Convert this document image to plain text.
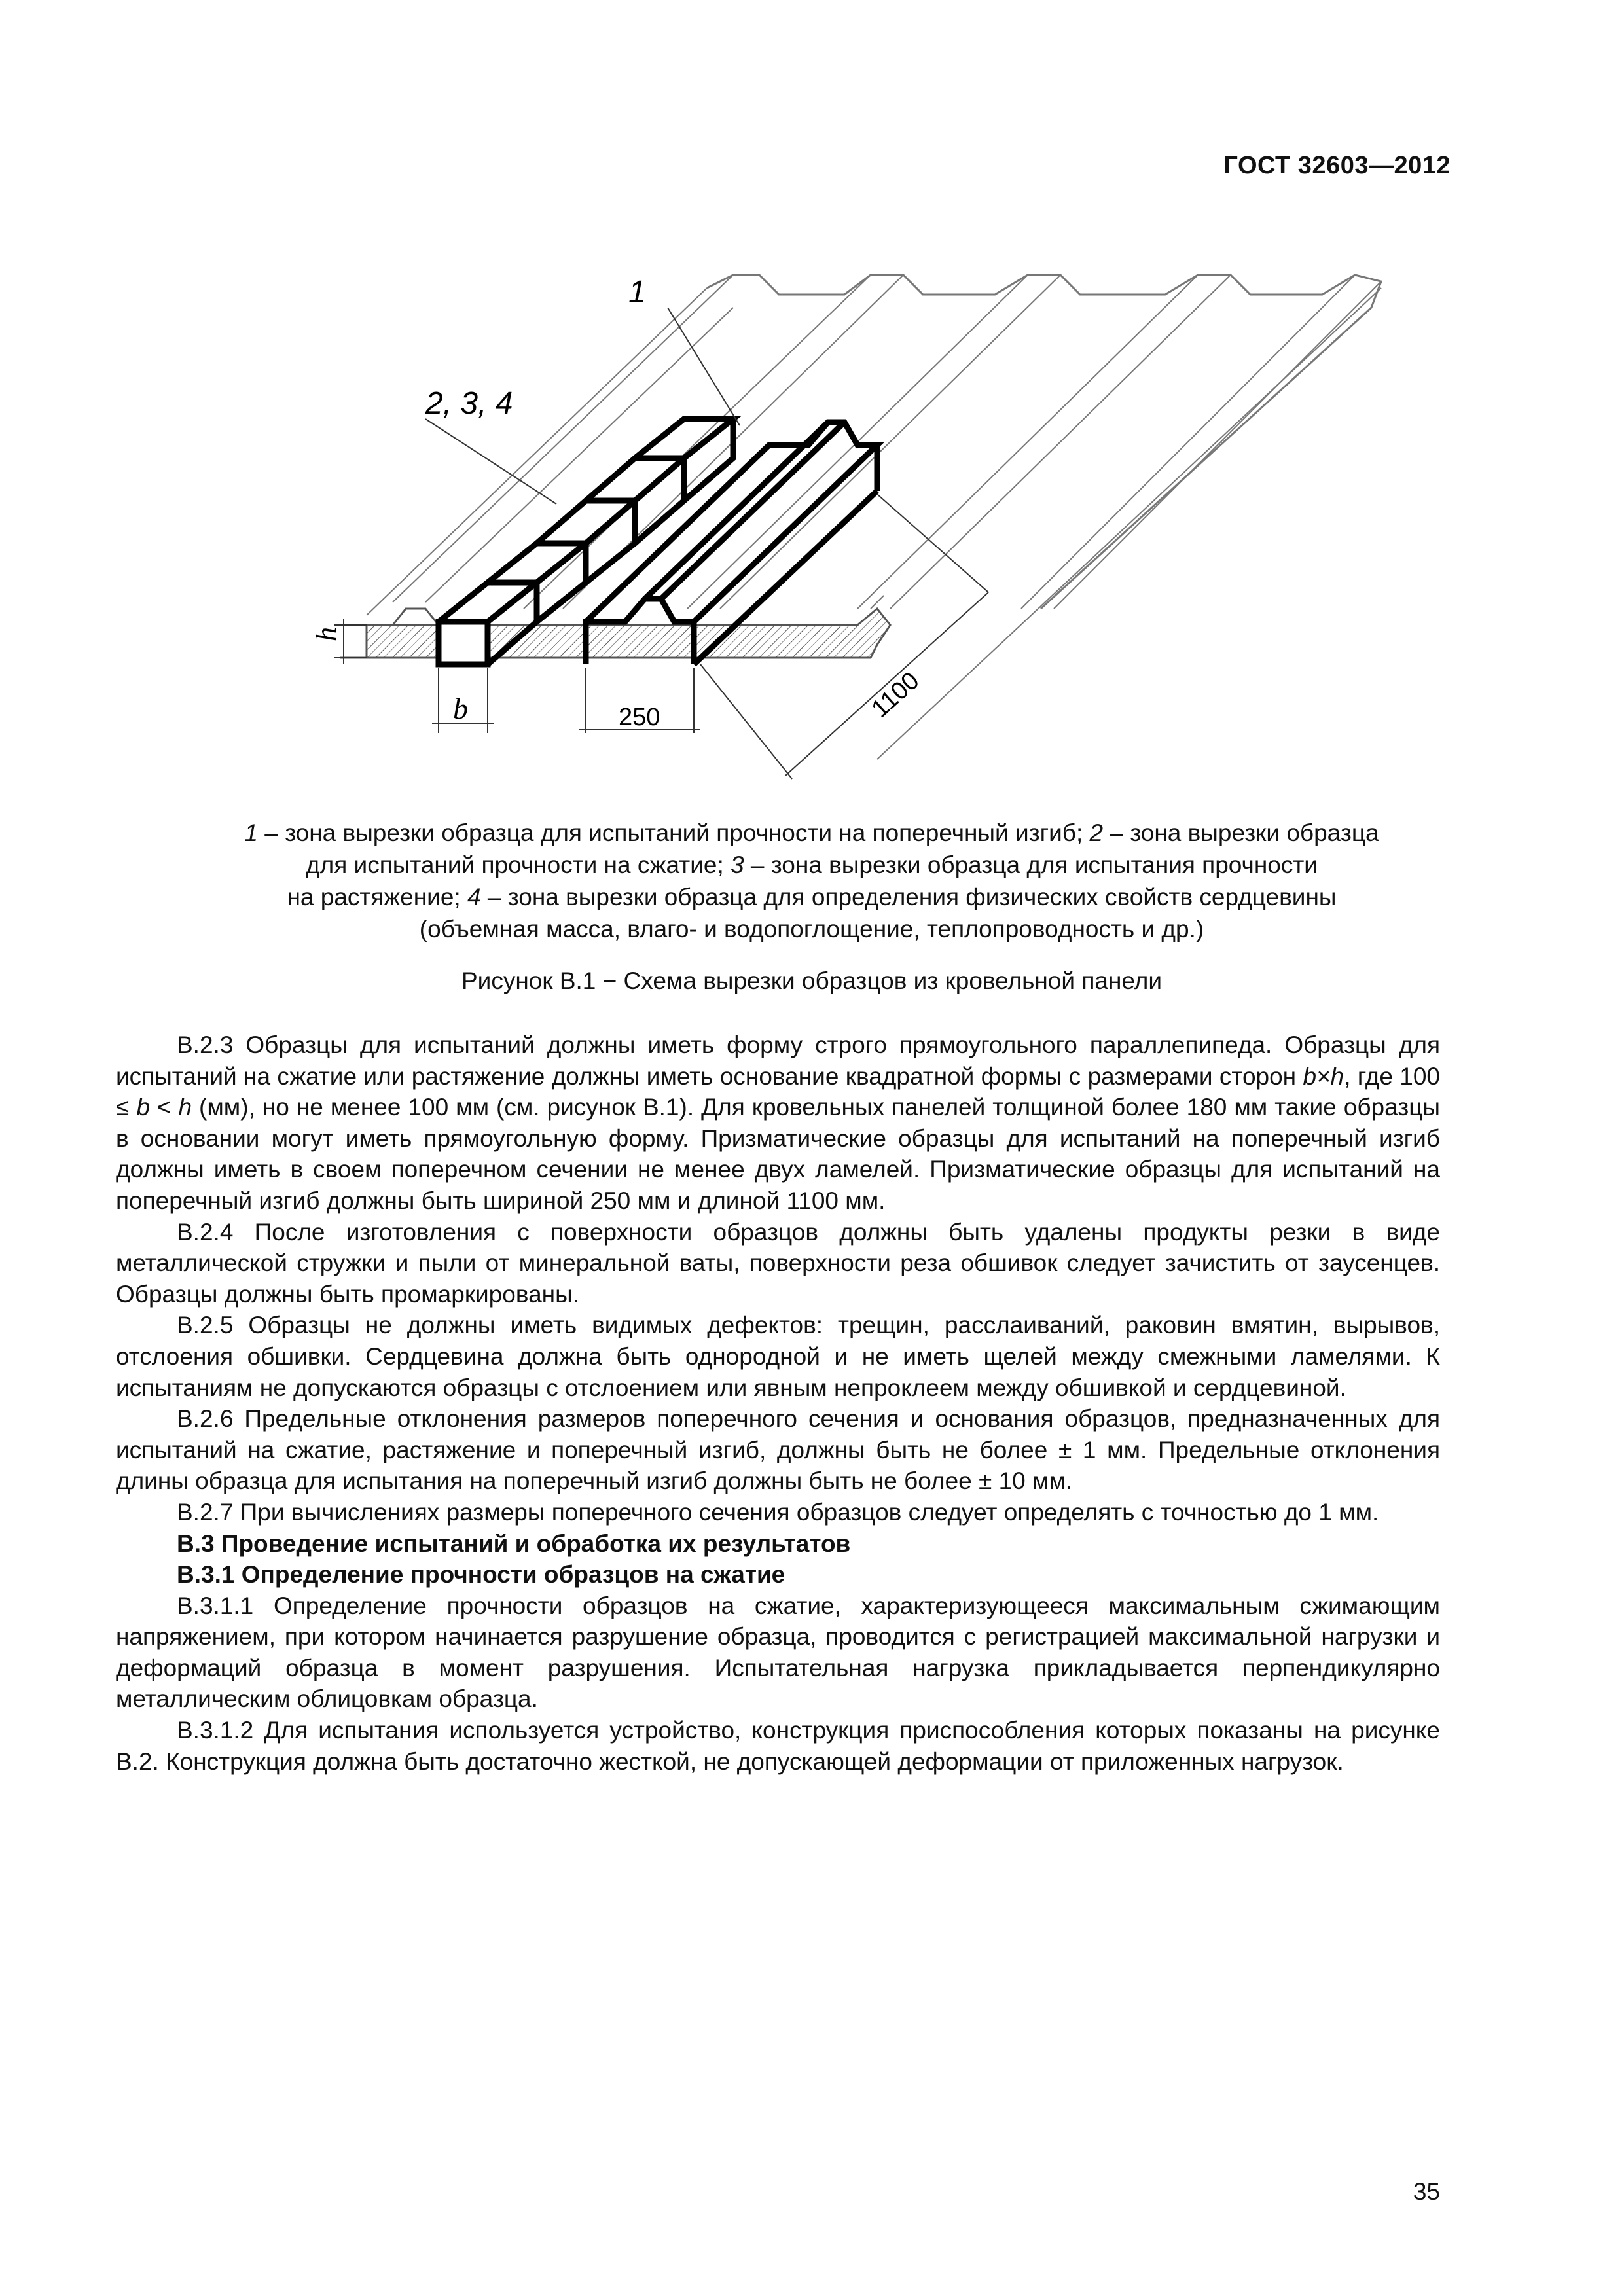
ГОСТ 32603—2012
1
2, 3, 4
h
b	250	1100

1 – зона вырезки образца для испытаний прочности на поперечный изгиб; 2 – зона вырезки образца

для испытаний прочности на сжатие; 3 – зона вырезки образца для испытания прочности

на растяжение; 4 – зона вырезки образца для определения физических свойств сердцевины

(объемная масса, влаго- и водопоглощение, теплопроводность и др.)

Рисунок В.1 − Схема вырезки образцов из кровельной панели

В.2.3 Образцы для испытаний должны иметь форму строго прямоугольного параллепипеда. Образцы для испытаний на сжатие или растяжение должны иметь основание квадратной формы с размерами сторон b×h, где 100 ≤ b < h (мм), но не менее 100 мм (см. рисунок В.1). Для кровельных панелей толщиной более 180 мм такие образцы в основании могут иметь прямоугольную форму. Призматические образцы для испытаний на поперечный изгиб должны иметь в своем поперечном сечении не менее двух ламелей. Призматические образцы для испытаний на поперечный изгиб должны быть шириной 250 мм и длиной 1100 мм.

В.2.4 После изготовления с поверхности образцов должны быть удалены продукты резки в виде металлической стружки и пыли от минеральной ваты, поверхности реза обшивок следует зачистить от заусенцев. Образцы должны быть промаркированы.

В.2.5 Образцы не должны иметь видимых дефектов: трещин, расслаиваний, раковин вмятин, вырывов, отслоения обшивки. Сердцевина должна быть однородной и не иметь щелей между смежными ламелями. К испытаниям не допускаются образцы с отслоением или явным непроклеем между обшивкой и сердцевиной.

В.2.6 Предельные отклонения размеров поперечного сечения и основания образцов, предназначенных для испытаний на сжатие, растяжение и поперечный изгиб, должны быть не более ± 1 мм. Предельные отклонения длины образца для испытания на поперечный изгиб должны быть не более ± 10 мм.

В.2.7 При вычислениях размеры поперечного сечения образцов следует определять с точностью до 1 мм.

В.3 Проведение испытаний и обработка их результатов

В.3.1 Определение прочности образцов на сжатие

В.3.1.1 Определение прочности образцов на сжатие, характеризующееся максимальным сжимающим напряжением, при котором начинается разрушение образца, проводится с регистрацией максимальной нагрузки и деформаций образца в момент разрушения. Испытательная нагрузка прикладывается перпендикулярно металлическим облицовкам образца.

В.3.1.2 Для испытания используется устройство, конструкция приспособления которых показаны на рисунке В.2. Конструкция должна быть достаточно жесткой, не допускающей деформации от приложенных нагрузок.

35
